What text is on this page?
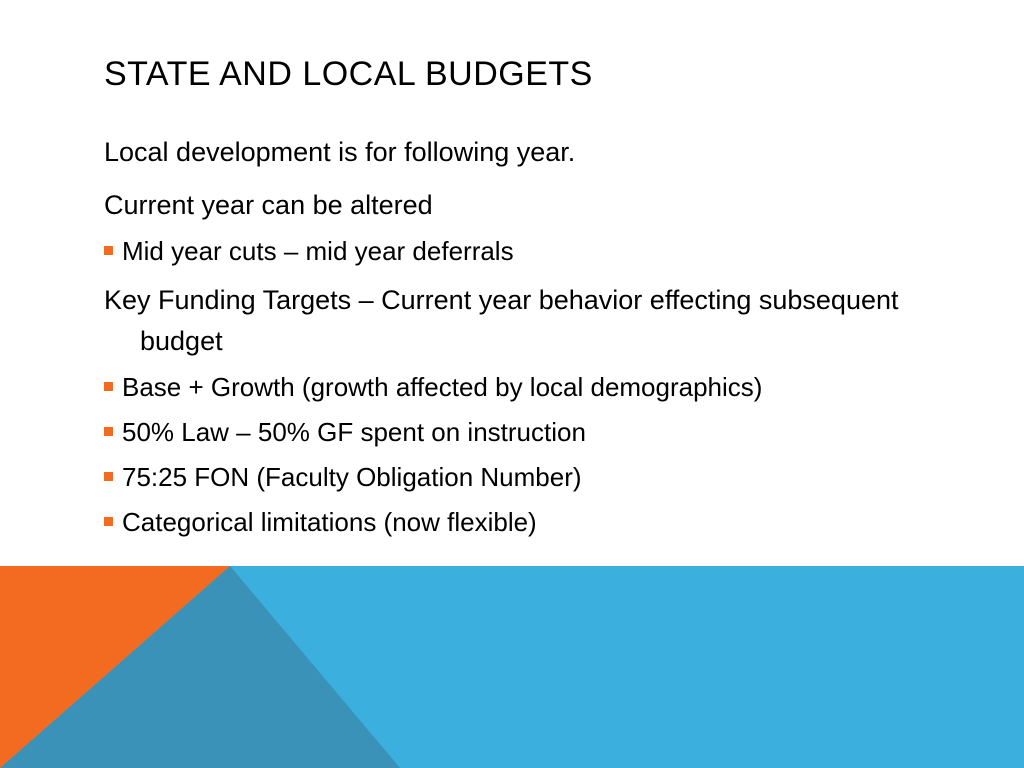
STATE AND LOCAL BUDGETS
Local development is for following year.
Current year can be altered
Mid year cuts – mid year deferrals
Key Funding Targets – Current year behavior effecting subsequent budget
Base + Growth (growth affected by local demographics)
50% Law – 50% GF spent on instruction
75:25 FON (Faculty Obligation Number)
Categorical limitations (now flexible)
